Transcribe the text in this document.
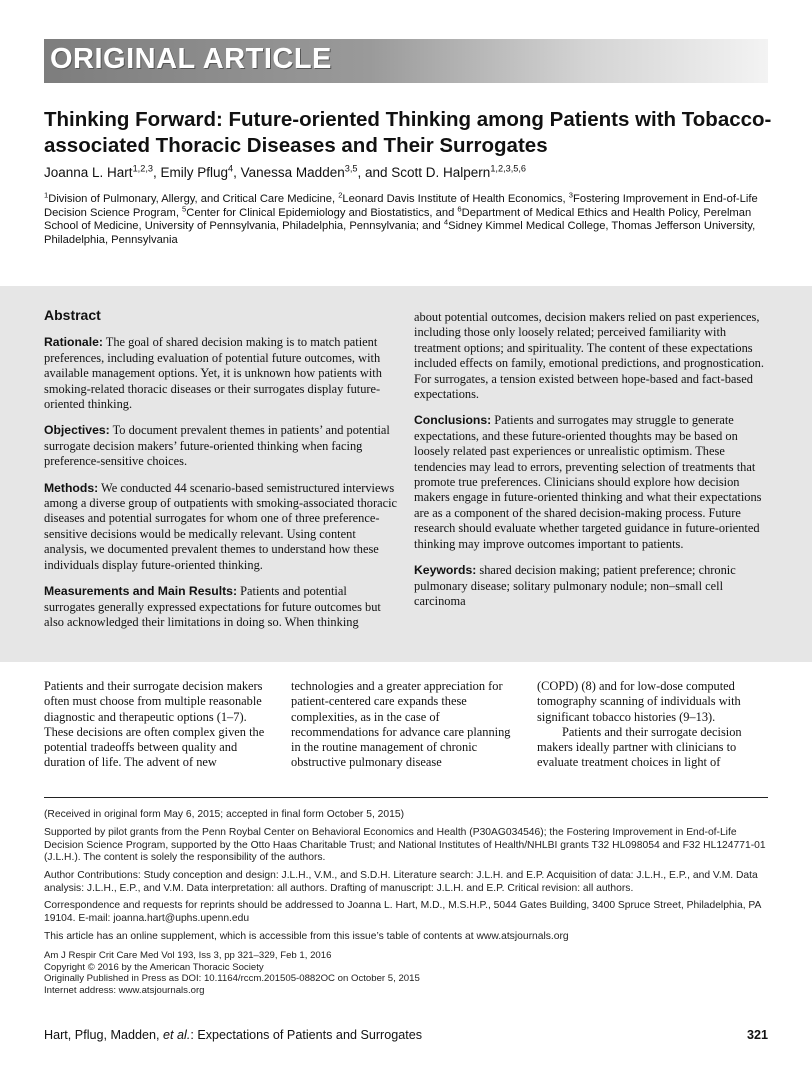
ORIGINAL ARTICLE
Thinking Forward: Future-oriented Thinking among Patients with Tobacco-associated Thoracic Diseases and Their Surrogates
Joanna L. Hart$^{1,2,3}$, Emily Pflug$^4$, Vanessa Madden$^{3,5}$, and Scott D. Halpern$^{1,2,3,5,6}$
$^1$Division of Pulmonary, Allergy, and Critical Care Medicine, $^2$Leonard Davis Institute of Health Economics, $^3$Fostering Improvement in End-of-Life Decision Science Program, $^5$Center for Clinical Epidemiology and Biostatistics, and $^6$Department of Medical Ethics and Health Policy, Perelman School of Medicine, University of Pennsylvania, Philadelphia, Pennsylvania; and $^4$Sidney Kimmel Medical College, Thomas Jefferson University, Philadelphia, Pennsylvania
Abstract

Rationale: The goal of shared decision making is to match patient preferences, including evaluation of potential future outcomes, with available management options. Yet, it is unknown how patients with smoking-related thoracic diseases or their surrogates display future-oriented thinking.

Objectives: To document prevalent themes in patients’ and potential surrogate decision makers’ future-oriented thinking when facing preference-sensitive choices.

Methods: We conducted 44 scenario-based semistructured interviews among a diverse group of outpatients with smoking-associated thoracic diseases and potential surrogates for whom one of three preference-sensitive decisions would be medically relevant. Using content analysis, we documented prevalent themes to understand how these individuals display future-oriented thinking.

Measurements and Main Results: Patients and potential surrogates generally expressed expectations for future outcomes but also acknowledged their limitations in doing so. When thinking

about potential outcomes, decision makers relied on past experiences, including those only loosely related; perceived familiarity with treatment options; and spirituality. The content of these expectations included effects on family, emotional predictions, and prognostication. For surrogates, a tension existed between hope-based and fact-based expectations.

Conclusions: Patients and surrogates may struggle to generate expectations, and these future-oriented thoughts may be based on loosely related past experiences or unrealistic optimism. These tendencies may lead to errors, preventing selection of treatments that promote true preferences. Clinicians should explore how decision makers engage in future-oriented thinking and what their expectations are as a component of the shared decision-making process. Future research should evaluate whether targeted guidance in future-oriented thinking may improve outcomes important to patients.

Keywords: shared decision making; patient preference; chronic pulmonary disease; solitary pulmonary nodule; non–small cell carcinoma

Patients and their surrogate decision makers often must choose from multiple reasonable diagnostic and therapeutic options (1–7). These decisions are often complex given the potential tradeoffs between quality and duration of life. The advent of new

technologies and a greater appreciation for patient-centered care expands these complexities, as in the case of recommendations for advance care planning in the routine management of chronic obstructive pulmonary disease

(COPD) (8) and for low-dose computed tomography scanning of individuals with significant tobacco histories (9–13).

Patients and their surrogate decision makers ideally partner with clinicians to evaluate treatment choices in light of

(Received in original form May 6, 2015; accepted in final form October 5, 2015)

Supported by pilot grants from the Penn Roybal Center on Behavioral Economics and Health (P30AG034546); the Fostering Improvement in End-of-Life Decision Science Program, supported by the Otto Haas Charitable Trust; and National Institutes of Health/NHLBI grants T32 HL098054 and F32 HL124771-01 (J.L.H.). The content is solely the responsibility of the authors.

Author Contributions: Study conception and design: J.L.H., V.M., and S.D.H. Literature search: J.L.H. and E.P. Acquisition of data: J.L.H., E.P., and V.M. Data analysis: J.L.H., E.P., and V.M. Data interpretation: all authors. Drafting of manuscript: J.L.H. and E.P. Critical revision: all authors.

Correspondence and requests for reprints should be addressed to Joanna L. Hart, M.D., M.S.H.P., 5044 Gates Building, 3400 Spruce Street, Philadelphia, PA 19104. E-mail: joanna.hart@uphs.upenn.edu

This article has an online supplement, which is accessible from this issue’s table of contents at www.atsjournals.org

Am J Respir Crit Care Med Vol 193, Iss 3, pp 321–329, Feb 1, 2016

Copyright © 2016 by the American Thoracic Society

Originally Published in Press as DOI: 10.1164/rccm.201505-0882OC on October 5, 2015

Internet address: www.atsjournals.org

Hart, Pflug, Madden, et al.: Expectations of Patients and Surrogates	321
